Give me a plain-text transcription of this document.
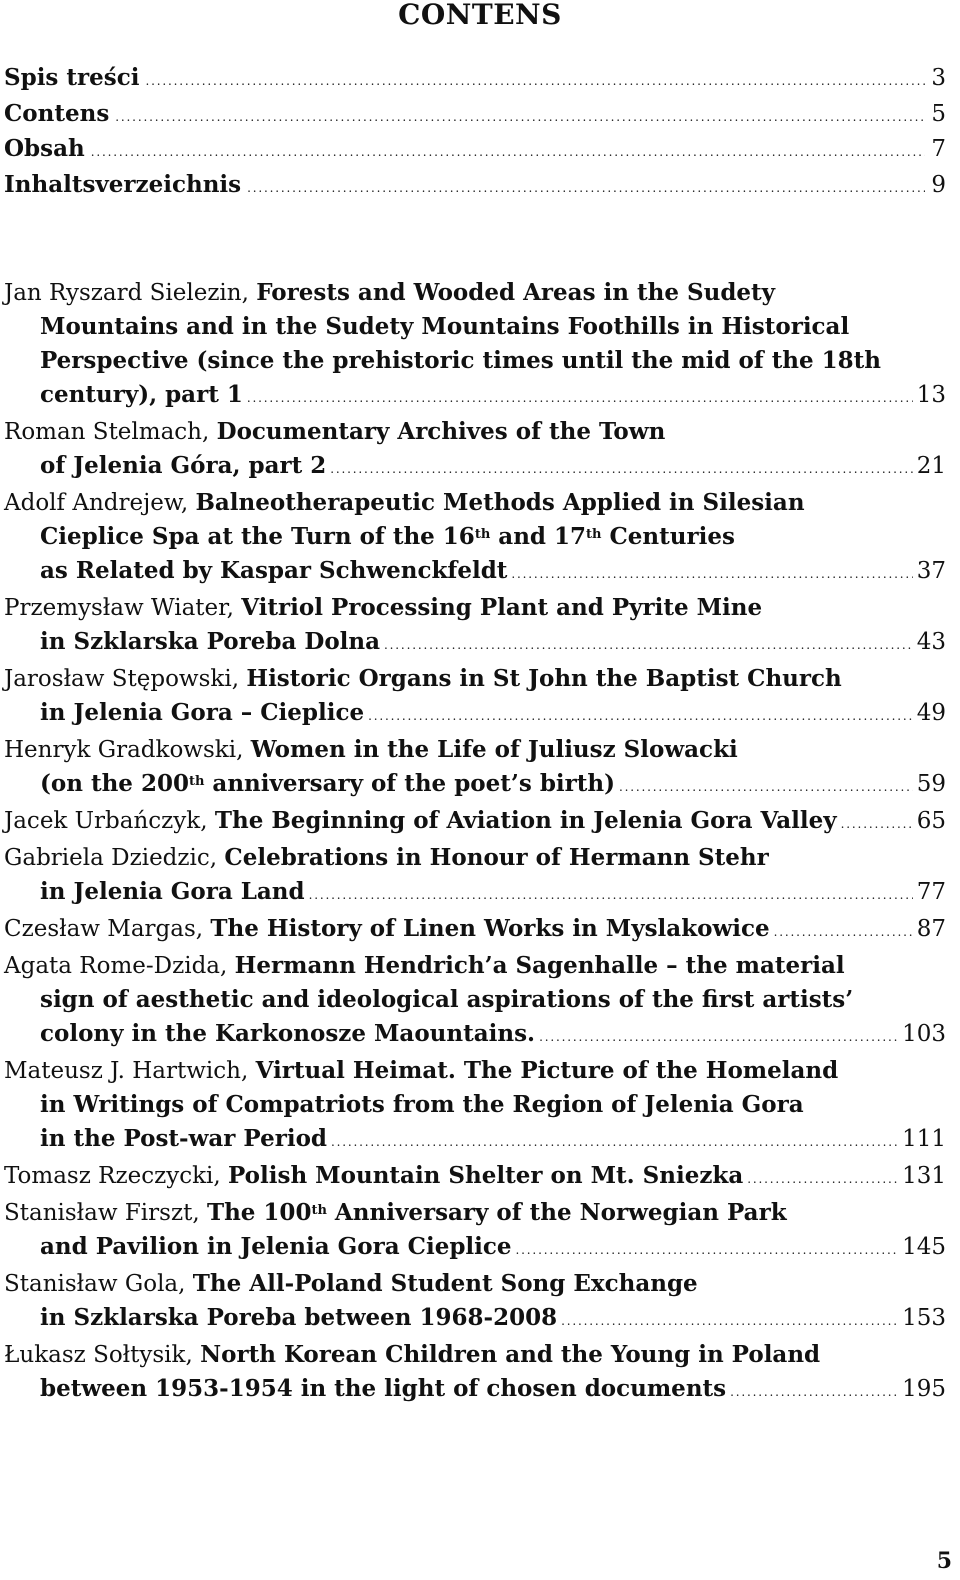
CONTENS
Spis treści . . .	3
Contens . . .	5
Obsah . . .	7
Inhaltsverzeichnis . . .	9
Jan Ryszard Sielezin, Forests and Wooded Areas in the Sudety
Mountains and in the Sudety Mountains Foothills in Historical
Perspective (since the prehistoric times until the mid of the 18th
century), part 1 . . .	13
Roman Stelmach, Documentary Archives of the Town
of Jelenia Góra, part 2 . . .	21
Adolf Andrejew, Balneotherapeutic Methods Applied in Silesian
Cieplice Spa at the Turn of the 16th and 17th Centuries
as Related by Kaspar Schwenckfeldt . . .	37
Przemysław Wiater, Vitriol Processing Plant and Pyrite Mine
in Szklarska Poreba Dolna . . .	43
Jarosław Stępowski, Historic Organs in St John the Baptist Church
in Jelenia Gora – Cieplice . . .	49
Henryk Gradkowski, Women in the Life of Juliusz Slowacki
(on the 200th anniversary of the poet’s birth) . . .	59
Jacek Urbańczyk, The Beginning of Aviation in Jelenia Gora Valley . . .	65
Gabriela Dziedzic, Celebrations in Honour of Hermann Stehr
in Jelenia Gora Land . . .	77
Czesław Margas, The History of Linen Works in Myslakowice . . .	87
Agata Rome-Dzida, Hermann Hendrich’a Sagenhalle – the material
sign of aesthetic and ideological aspirations of the first artists’
colony in the Karkonosze Maountains. . . .	103
Mateusz J. Hartwich, Virtual Heimat. The Picture of the Homeland
in Writings of Compatriots from the Region of Jelenia Gora
in the Post-war Period . . .	111
Tomasz Rzeczycki, Polish Mountain Shelter on Mt. Sniezka . . .	131
Stanisław Firszt, The 100th Anniversary of the Norwegian Park
and Pavilion in Jelenia Gora Cieplice . . .	145
Stanisław Gola, The All-Poland Student Song Exchange
in Szklarska Poreba between 1968-2008 . . .	153
Łukasz Sołtysik, North Korean Children and the Young in Poland
between 1953-1954 in the light of chosen documents . . .	195
5
